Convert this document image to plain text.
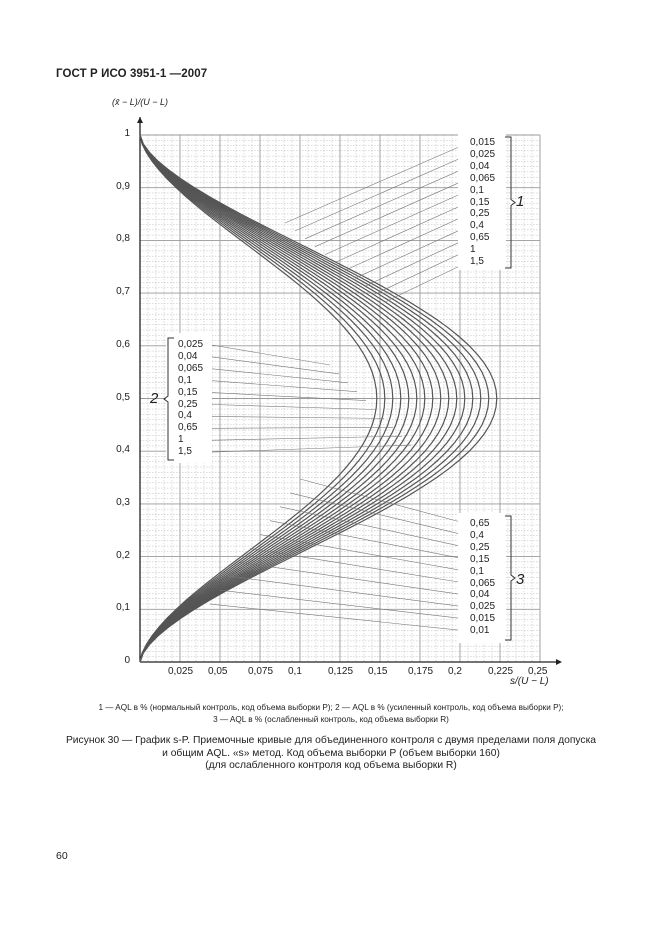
ГОСТ Р ИСО 3951-1 —2007
(x̄ − L)/(U − L)
s/(U − L)
0
0,1
0,2
0,3
0,4
0,5
0,6
0,7
0,8
0,9
1
0,025 0,05 0,075 0,1	0,125 0,15 0,175 0,2	0,225 0,25
0,015
0,025
0,04
0,065
0,1
0,15
0,25
0,4
0,65
1
1,5
0,025
0,04
0,065
0,1
0,15
0,25
0,4
0,65
1
1,5
0,65
0,4
0,25
0,15
0,1
0,065
0,04
0,025
0,015
0,01
1
2
3
1 — AQL в % (нормальный контроль, код объема выборки Р); 2 — AQL в % (усиленный контроль, код объема выборки Р);
3 — AQL в % (ослабленный контроль, код объема выборки R)
Рисунок 30 — График s-P. Приемочные кривые для объединенного контроля с двумя пределами поля допуска
и общим AQL. «s» метод. Код объема выборки Р (объем выборки 160)
(для ослабленного контроля код объема выборки R)
60
